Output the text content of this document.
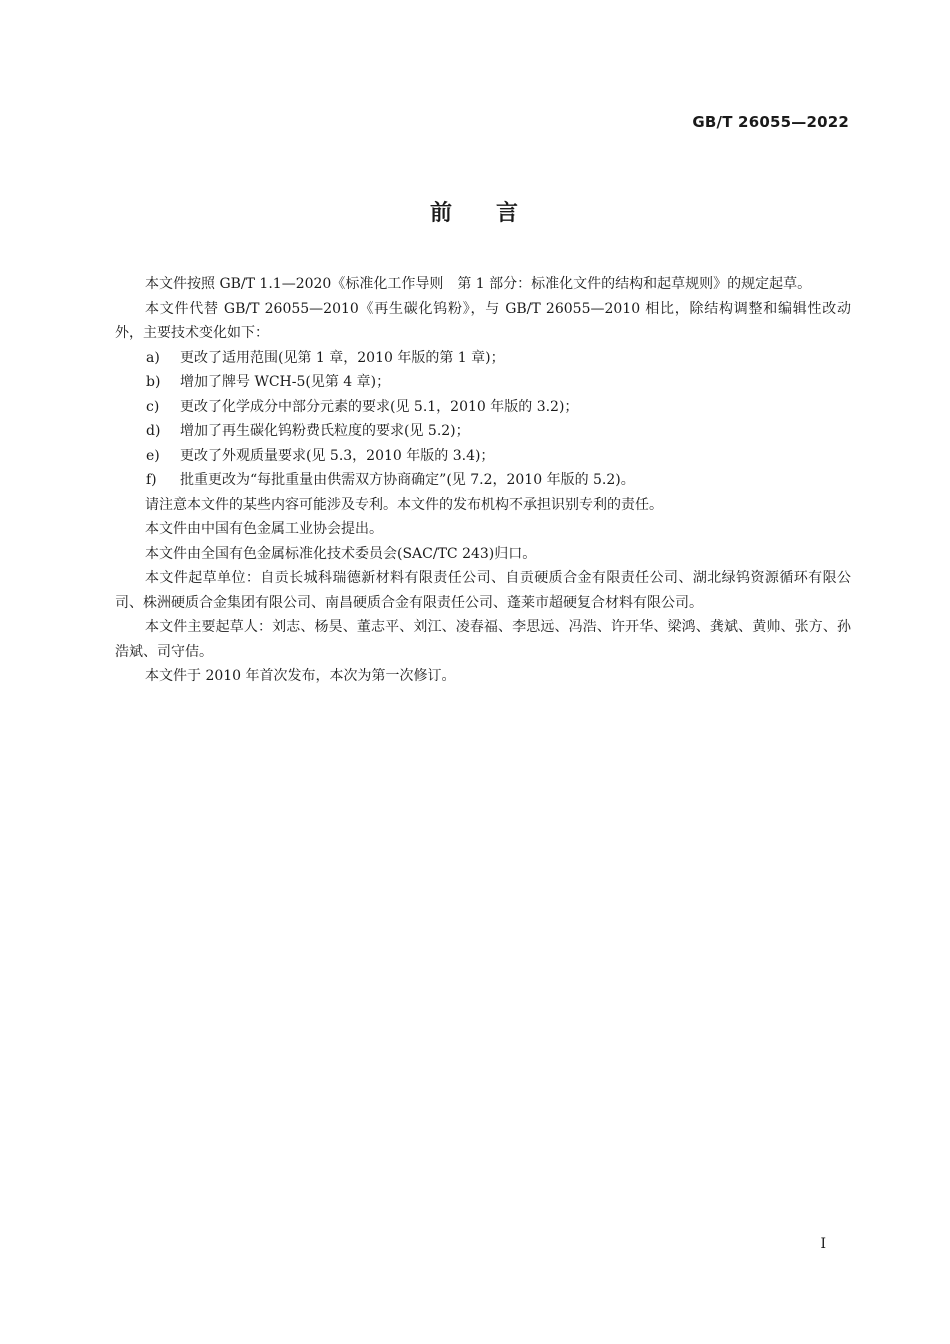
GB/T 26055—2022
前 言

本文件按照 GB/T 1.1—2020《标准化工作导则　第 1 部分：标准化文件的结构和起草规则》的规定起草。

本文件代替 GB/T 26055—2010《再生碳化钨粉》，与 GB/T 26055—2010 相比，除结构调整和编辑性改动外，主要技术变化如下：

a)	更改了适用范围(见第 1 章，2010 年版的第 1 章)；
b)	增加了牌号 WCH-5(见第 4 章)；
c)	更改了化学成分中部分元素的要求(见 5.1，2010 年版的 3.2)；
d)	增加了再生碳化钨粉费氏粒度的要求(见 5.2)；
e)	更改了外观质量要求(见 5.3，2010 年版的 3.4)；
f)	批重更改为“每批重量由供需双方协商确定”(见 7.2，2010 年版的 5.2)。

请注意本文件的某些内容可能涉及专利。本文件的发布机构不承担识别专利的责任。

本文件由中国有色金属工业协会提出。

本文件由全国有色金属标准化技术委员会(SAC/TC 243)归口。

本文件起草单位：自贡长城科瑞德新材料有限责任公司、自贡硬质合金有限责任公司、湖北绿钨资源循环有限公司、株洲硬质合金集团有限公司、南昌硬质合金有限责任公司、蓬莱市超硬复合材料有限公司。

本文件主要起草人：刘志、杨昊、董志平、刘江、凌春福、李思远、冯浩、许开华、梁鸿、龚斌、黄帅、张方、孙浩斌、司守佶。

本文件于 2010 年首次发布，本次为第一次修订。

I
